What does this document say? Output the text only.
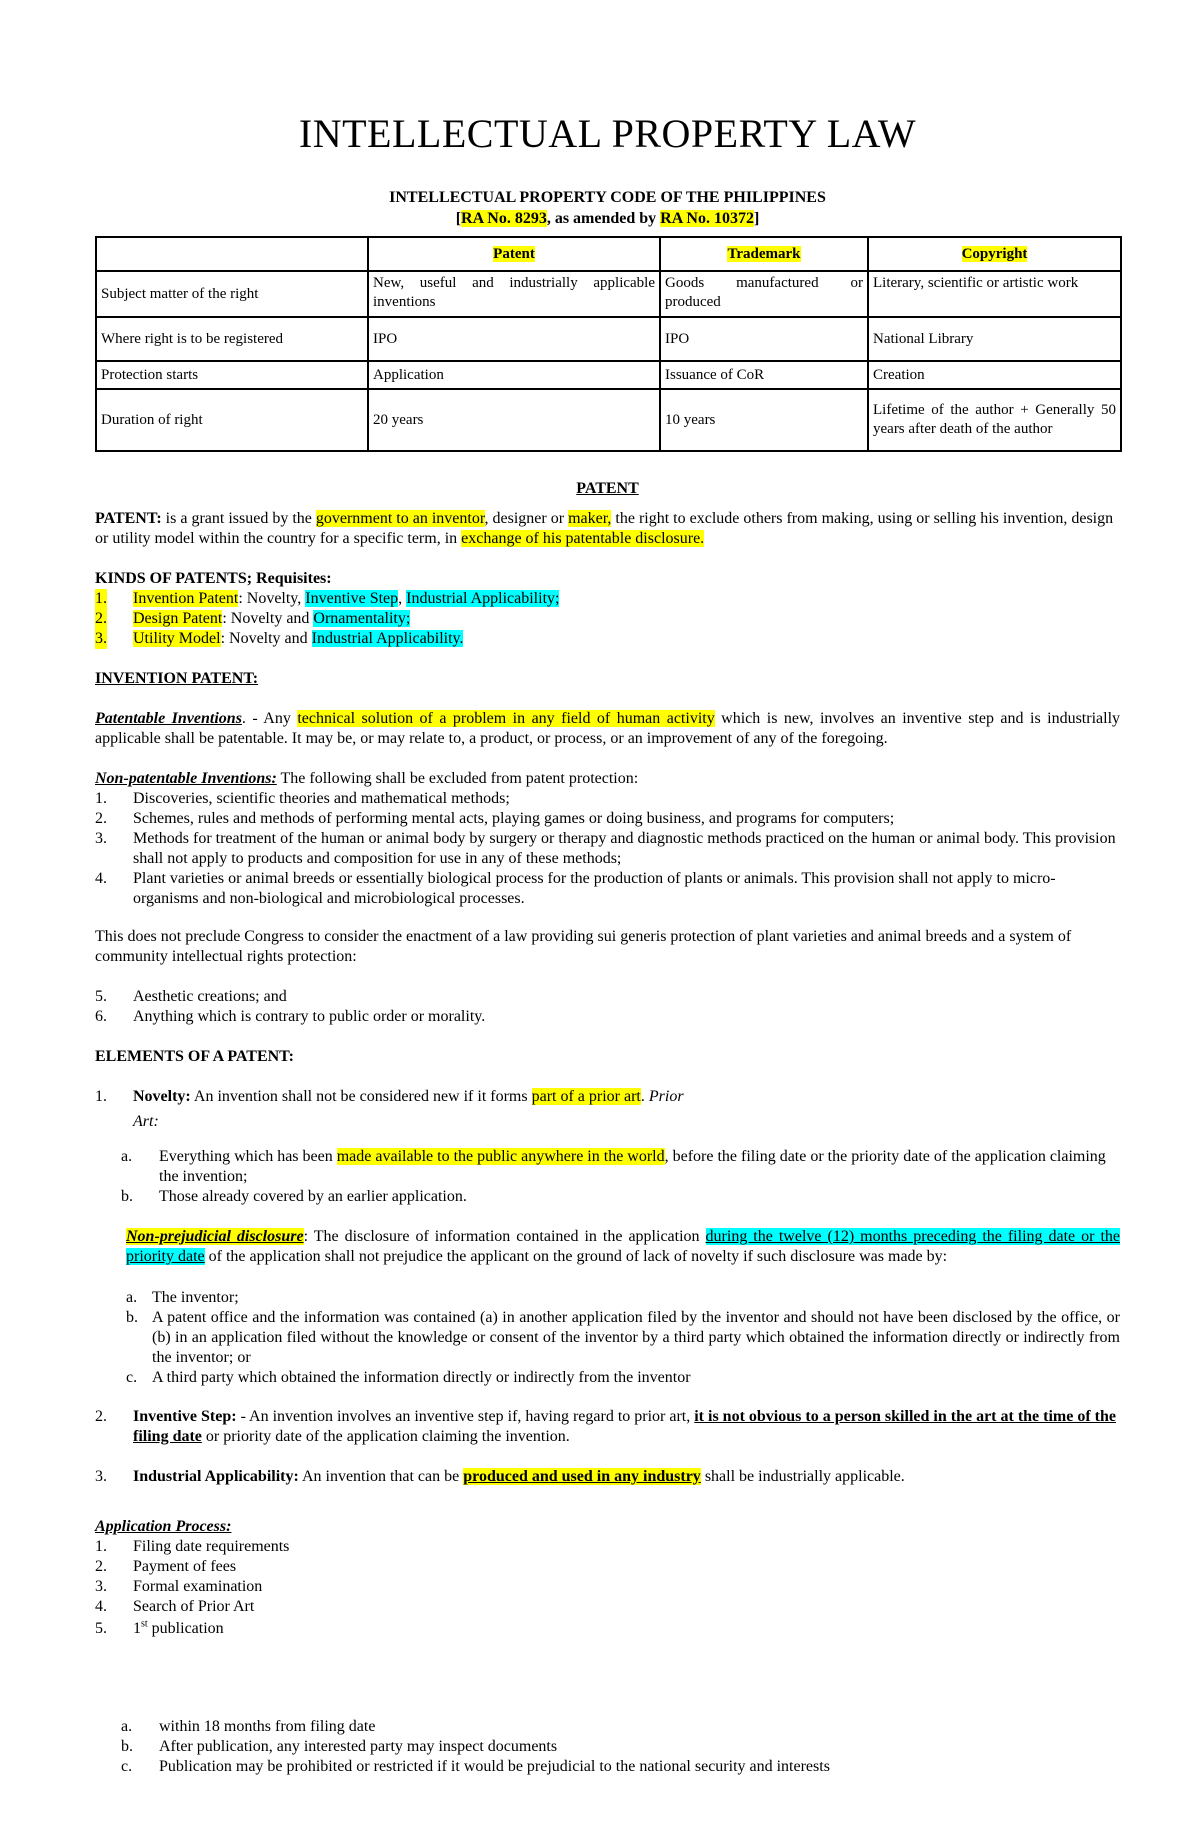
INTELLECTUAL PROPERTY LAW
INTELLECTUAL PROPERTY CODE OF THE PHILIPPINES
[RA No. 8293, as amended by RA No. 10372]
	Patent	Trademark	Copyright
Subject matter of the right	New, useful and industrially applicable inventions	Goods manufactured or produced	Literary, scientific or artistic work
Where right is to be registered	IPO	IPO	National Library
Protection starts	Application	Issuance of CoR	Creation
Duration of right	20 years	10 years	Lifetime of the author + Generally 50 years after death of the author
PATENT
PATENT: is a grant issued by the government to an inventor, designer or maker, the right to exclude others from making, using or selling his invention, design or utility model within the country for a specific term, in exchange of his patentable disclosure.
KINDS OF PATENTS; Requisites:
1. Invention Patent: Novelty, Inventive Step, Industrial Applicability;
2. Design Patent: Novelty and Ornamentality;
3. Utility Model: Novelty and Industrial Applicability.
INVENTION PATENT:
Patentable Inventions. - Any technical solution of a problem in any field of human activity which is new, involves an inventive step and is industrially applicable shall be patentable. It may be, or may relate to, a product, or process, or an improvement of any of the foregoing.
Non-patentable Inventions: The following shall be excluded from patent protection:
1. Discoveries, scientific theories and mathematical methods;
2. Schemes, rules and methods of performing mental acts, playing games or doing business, and programs for computers;
3. Methods for treatment of the human or animal body by surgery or therapy and diagnostic methods practiced on the human or animal body. This provision shall not apply to products and composition for use in any of these methods;
4. Plant varieties or animal breeds or essentially biological process for the production of plants or animals. This provision shall not apply to micro-organisms and non-biological and microbiological processes.
This does not preclude Congress to consider the enactment of a law providing sui generis protection of plant varieties and animal breeds and a system of community intellectual rights protection:
5. Aesthetic creations; and
6. Anything which is contrary to public order or morality.
ELEMENTS OF A PATENT:
1. Novelty: An invention shall not be considered new if it forms part of a prior art. Prior
Art:
a. Everything which has been made available to the public anywhere in the world, before the filing date or the priority date of the application claiming the invention;
b. Those already covered by an earlier application.
Non-prejudicial disclosure: The disclosure of information contained in the application during the twelve (12) months preceding the filing date or the priority date of the application shall not prejudice the applicant on the ground of lack of novelty if such disclosure was made by:
a. The inventor;
b. A patent office and the information was contained (a) in another application filed by the inventor and should not have been disclosed by the office, or (b) in an application filed without the knowledge or consent of the inventor by a third party which obtained the information directly or indirectly from the inventor; or
c. A third party which obtained the information directly or indirectly from the inventor
2. Inventive Step: - An invention involves an inventive step if, having regard to prior art, it is not obvious to a person skilled in the art at the time of the filing date or priority date of the application claiming the invention.
3. Industrial Applicability: An invention that can be produced and used in any industry shall be industrially applicable.
Application Process:
1. Filing date requirements
2. Payment of fees
3. Formal examination
4. Search of Prior Art
5. 1st publication
a. within 18 months from filing date
b. After publication, any interested party may inspect documents
c. Publication may be prohibited or restricted if it would be prejudicial to the national security and interests
